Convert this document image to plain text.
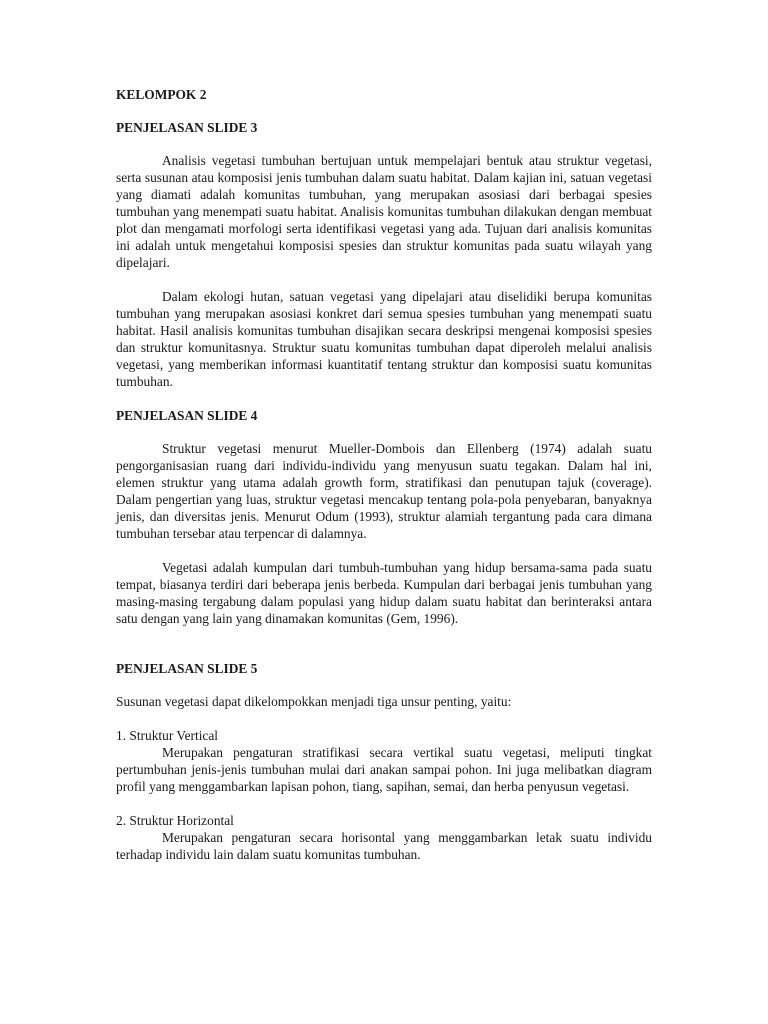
KELOMPOK 2

PENJELASAN SLIDE 3

Analisis vegetasi tumbuhan bertujuan untuk mempelajari bentuk atau struktur vegetasi, serta susunan atau komposisi jenis tumbuhan dalam suatu habitat. Dalam kajian ini, satuan vegetasi yang diamati adalah komunitas tumbuhan, yang merupakan asosiasi dari berbagai spesies tumbuhan yang menempati suatu habitat. Analisis komunitas tumbuhan dilakukan dengan membuat plot dan mengamati morfologi serta identifikasi vegetasi yang ada. Tujuan dari analisis komunitas ini adalah untuk mengetahui komposisi spesies dan struktur komunitas pada suatu wilayah yang dipelajari.

Dalam ekologi hutan, satuan vegetasi yang dipelajari atau diselidiki berupa komunitas tumbuhan yang merupakan asosiasi konkret dari semua spesies tumbuhan yang menempati suatu habitat. Hasil analisis komunitas tumbuhan disajikan secara deskripsi mengenai komposisi spesies dan struktur komunitasnya. Struktur suatu komunitas tumbuhan dapat diperoleh melalui analisis vegetasi, yang memberikan informasi kuantitatif tentang struktur dan komposisi suatu komunitas tumbuhan.

PENJELASAN SLIDE 4

Struktur vegetasi menurut Mueller-Dombois dan Ellenberg (1974) adalah suatu pengorganisasian ruang dari individu-individu yang menyusun suatu tegakan. Dalam hal ini, elemen struktur yang utama adalah growth form, stratifikasi dan penutupan tajuk (coverage). Dalam pengertian yang luas, struktur vegetasi mencakup tentang pola-pola penyebaran, banyaknya jenis, dan diversitas jenis. Menurut Odum (1993), struktur alamiah tergantung pada cara dimana tumbuhan tersebar atau terpencar di dalamnya.

Vegetasi adalah kumpulan dari tumbuh-tumbuhan yang hidup bersama-sama pada suatu tempat, biasanya terdiri dari beberapa jenis berbeda. Kumpulan dari berbagai jenis tumbuhan yang masing-masing tergabung dalam populasi yang hidup dalam suatu habitat dan berinteraksi antara satu dengan yang lain yang dinamakan komunitas (Gem, 1996).

PENJELASAN SLIDE 5

Susunan vegetasi dapat dikelompokkan menjadi tiga unsur penting, yaitu:

1. Struktur Vertical

Merupakan pengaturan stratifikasi secara vertikal suatu vegetasi, meliputi tingkat pertumbuhan jenis-jenis tumbuhan mulai dari anakan sampai pohon. Ini juga melibatkan diagram profil yang menggambarkan lapisan pohon, tiang, sapihan, semai, dan herba penyusun vegetasi.

2. Struktur Horizontal

Merupakan pengaturan secara horisontal yang menggambarkan letak suatu individu terhadap individu lain dalam suatu komunitas tumbuhan.
